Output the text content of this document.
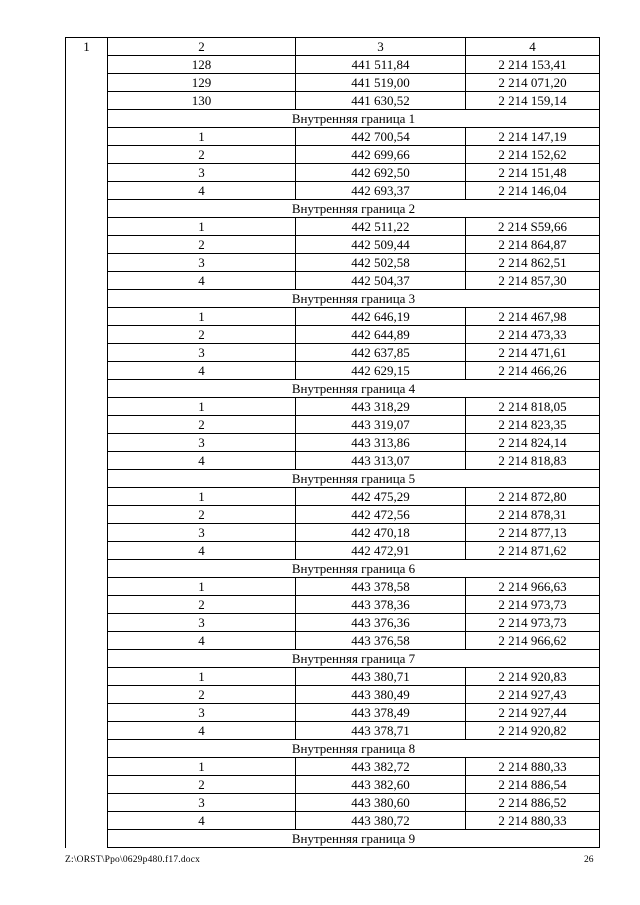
1	2	3	4
	128	441 511,84	2 214 153,41
	129	441 519,00	2 214 071,20
	130	441 630,52	2 214 159,14
	Внутренняя граница 1		
	1	442 700,54	2 214 147,19
	2	442 699,66	2 214 152,62
	3	442 692,50	2 214 151,48
	4	442 693,37	2 214 146,04
	Внутренняя граница 2		
	1	442 511,22	2 214 S59,66
	2	442 509,44	2 214 864,87
	3	442 502,58	2 214 862,51
	4	442 504,37	2 214 857,30
	Внутренняя граница 3		
	1	442 646,19	2 214 467,98
	2	442 644,89	2 214 473,33
	3	442 637,85	2 214 471,61
	4	442 629,15	2 214 466,26
	Внутренняя граница 4		
	1	443 318,29	2 214 818,05
	2	443 319,07	2 214 823,35
	3	443 313,86	2 214 824,14
	4	443 313,07	2 214 818,83
	Внутренняя граница 5		
	1	442 475,29	2 214 872,80
	2	442 472,56	2 214 878,31
	3	442 470,18	2 214 877,13
	4	442 472,91	2 214 871,62
	Внутренняя граница 6		
	1	443 378,58	2 214 966,63
	2	443 378,36	2 214 973,73
	3	443 376,36	2 214 973,73
	4	443 376,58	2 214 966,62
	Внутренняя граница 7		
	1	443 380,71	2 214 920,83
	2	443 380,49	2 214 927,43
	3	443 378,49	2 214 927,44
	4	443 378,71	2 214 920,82
	Внутренняя граница 8		
	1	443 382,72	2 214 880,33
	2	443 382,60	2 214 886,54
	3	443 380,60	2 214 886,52
	4	443 380,72	2 214 880,33
	Внутренняя граница 9		
Z:\ORST\Ppo\0629p480.f17.docx	26
